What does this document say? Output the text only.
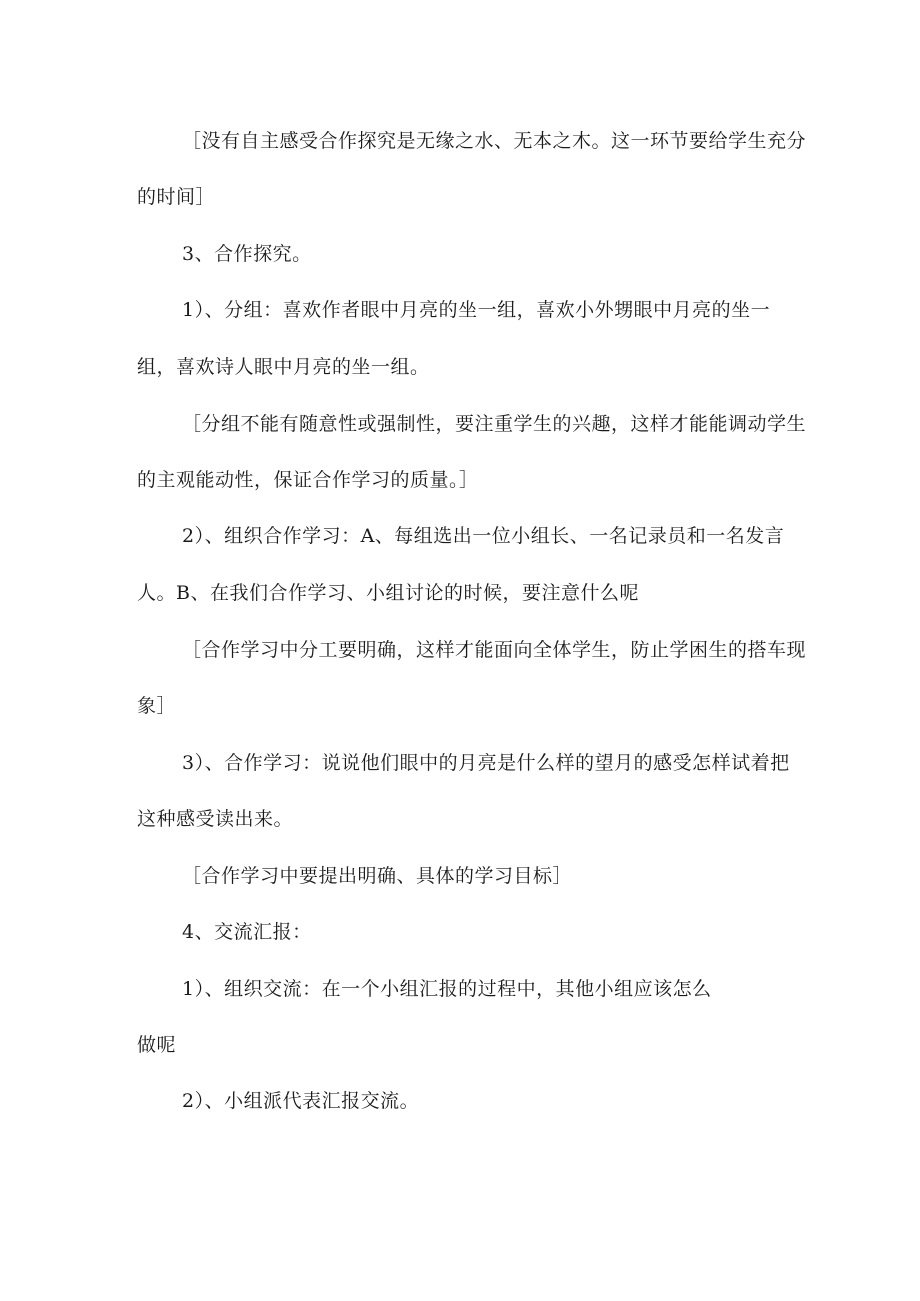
［没有自主感受合作探究是无缘之水、无本之木。这一环节要给学生充分
的时间］
3、合作探究。
1）、分组：喜欢作者眼中月亮的坐一组，喜欢小外甥眼中月亮的坐一
组，喜欢诗人眼中月亮的坐一组。
［分组不能有随意性或强制性，要注重学生的兴趣，这样才能能调动学生
的主观能动性，保证合作学习的质量。］
2）、组织合作学习：A、每组选出一位小组长、一名记录员和一名发言
人。B、在我们合作学习、小组讨论的时候，要注意什么呢
［合作学习中分工要明确，这样才能面向全体学生，防止学困生的搭车现
象］
3）、合作学习：说说他们眼中的月亮是什么样的望月的感受怎样试着把
这种感受读出来。
［合作学习中要提出明确、具体的学习目标］
4、交流汇报：
1）、组织交流：在一个小组汇报的过程中，其他小组应该怎么
做呢
2）、小组派代表汇报交流。
